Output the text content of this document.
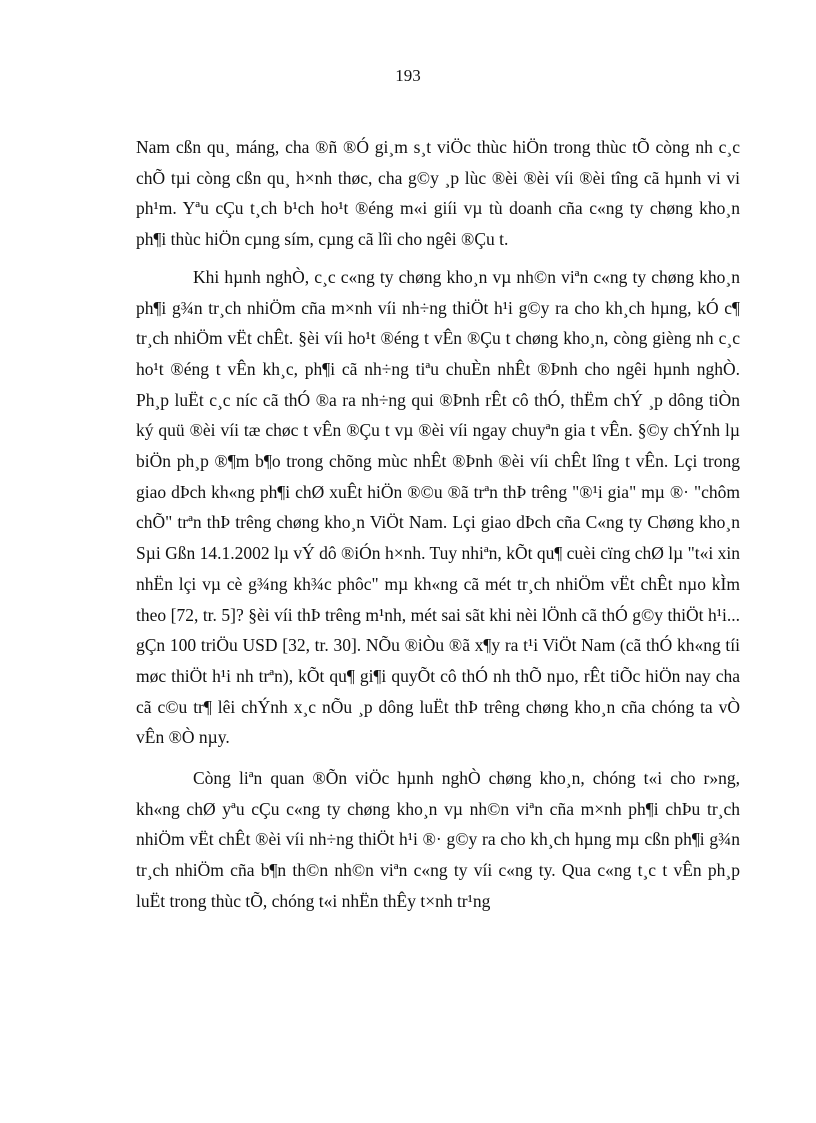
193

Nam cßn qu¸ máng, cha ®ñ ®Ó gi¸m s¸t viÖc thùc hiÖn trong thùc tÕ còng nh c¸c chÕ tµi còng cßn qu¸ h×nh thøc, cha g©y ¸p lùc ®èi ®èi víi ®èi tîng cã hµnh vi vi ph¹m. Yªu cÇu t¸ch b¹ch ho¹t ®éng m«i giíi vµ tù doanh cña c«ng ty chøng kho¸n ph¶i thùc hiÖn cµng sím, cµng cã lîi cho ngêi ®Çu t.

Khi hµnh nghÒ, c¸c c«ng ty chøng kho¸n vµ nh©n viªn c«ng ty chøng kho¸n ph¶i g¾n tr¸ch nhiÖm cña m×nh víi nh÷ng thiÖt h¹i g©y ra cho kh¸ch hµng, kÓ c¶ tr¸ch nhiÖm vËt chÊt. §èi víi ho¹t ®éng t vÊn ®Çu t chøng kho¸n, còng gièng nh c¸c ho¹t ®éng t vÊn kh¸c, ph¶i cã nh÷ng tiªu chuÈn nhÊt ®Þnh cho ngêi hµnh nghÒ. Ph¸p luËt c¸c níc cã thÓ ®a ra nh÷ng qui ®Þnh rÊt cô thÓ, thËm chÝ ¸p dông tiÒn ký quü ®èi víi tæ chøc t vÊn ®Çu t vµ ®èi víi ngay chuyªn gia t vÊn. §©y chÝnh lµ biÖn ph¸p ®¶m b¶o trong chõng mùc nhÊt ®Þnh ®èi víi chÊt lîng t vÊn. Lçi trong giao dÞch kh«ng ph¶i chØ xuÊt hiÖn ®©u ®ã trªn thÞ trêng "®¹i gia" mµ ®· "chôm chÕ" trªn thÞ trêng chøng kho¸n ViÖt Nam. Lçi giao dÞch cña C«ng ty Chøng kho¸n Sµi Gßn 14.1.2002 lµ vÝ dô ®iÓn h×nh. Tuy nhiªn, kÕt qu¶ cuèi cïng chØ lµ "t«i xin nhËn lçi vµ cè g¾ng kh¾c phôc" mµ kh«ng cã mét tr¸ch nhiÖm vËt chÊt nµo kÌm theo [72, tr. 5]? §èi víi thÞ trêng m¹nh, mét sai sãt khi nèi lÖnh cã thÓ g©y thiÖt h¹i... gÇn 100 triÖu USD [32, tr. 30]. NÕu ®iÒu ®ã x¶y ra t¹i ViÖt Nam (cã thÓ kh«ng tíi møc thiÖt h¹i nh trªn), kÕt qu¶ gi¶i quyÕt cô thÓ nh thÕ nµo, rÊt tiÕc hiÖn nay cha cã c©u tr¶ lêi chÝnh x¸c nÕu ¸p dông luËt thÞ trêng chøng kho¸n cña chóng ta vÒ vÊn ®Ò nµy.

Còng liªn quan ®Õn viÖc hµnh nghÒ chøng kho¸n, chóng t«i cho r»ng, kh«ng chØ yªu cÇu c«ng ty chøng kho¸n vµ nh©n viªn cña m×nh ph¶i chÞu tr¸ch nhiÖm vËt chÊt ®èi víi nh÷ng thiÖt h¹i ®· g©y ra cho kh¸ch hµng mµ cßn ph¶i g¾n tr¸ch nhiÖm cña b¶n th©n nh©n viªn c«ng ty víi c«ng ty. Qua c«ng t¸c t vÊn ph¸p luËt trong thùc tÕ, chóng t«i nhËn thÊy t×nh tr¹ng
